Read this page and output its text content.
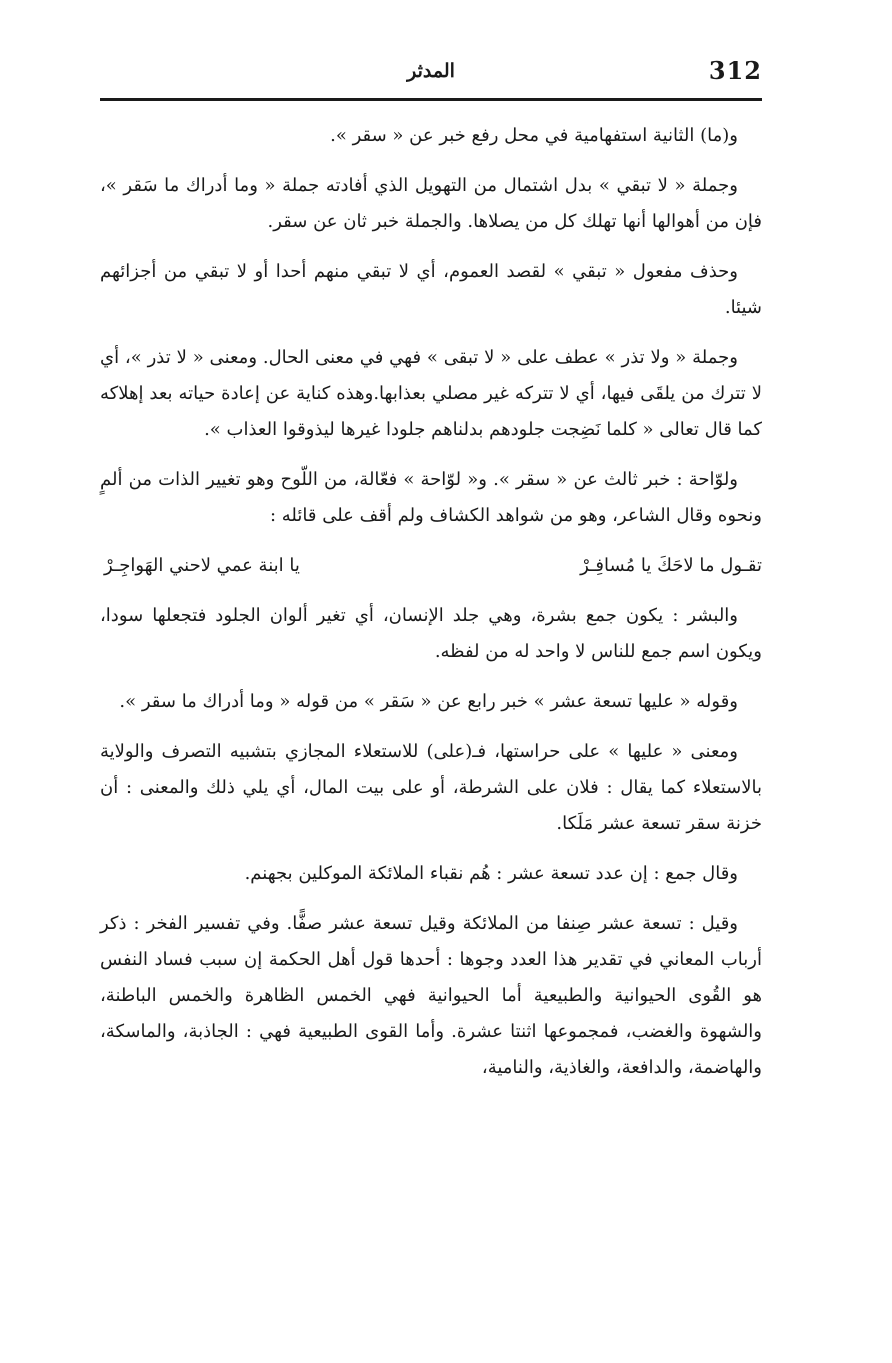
312
المدثر

و(ما) الثانية استفهامية في محل رفع خبر عن « سقر ».

وجملة « لا تبقي » بدل اشتمال من التهويل الذي أفادته جملة « وما أدراك ما سَقر »، فإن من أهوالها أنها تهلك كل من يصلاها. والجملة خبر ثان عن سقر.

وحذف مفعول « تبقي » لقصد العموم، أي لا تبقي منهم أحدا أو لا تبقي من أجزائهم شيئا.

وجملة « ولا تذر » عطف على « لا تبقى » فهي في معنى الحال. ومعنى « لا تذر »، أي لا تترك من يلقَى فيها، أي لا تتركه غير مصلي بعذابها.وهذه كناية عن إعادة حياته بعد إهلاكه كما قال تعالى « كلما نَضِجت جلودهم بدلناهم جلودا غيرها ليذوقوا العذاب ».

ولوّاحة : خبر ثالث عن « سقر ». و« لوّاحة » فعّالة، من اللّوح وهو تغيير الذات من ألمٍ ونحوه وقال الشاعر، وهو من شواهد الكشاف ولم أقف على قائله :

تقـول ما لاحَكَ يا مُسافِـرْ
يا ابنة عمي لاحني الهَواجِـرْ

والبشر : يكون جمع بشرة، وهي جلد الإنسان، أي تغير ألوان الجلود فتجعلها سودا، ويكون اسم جمع للناس لا واحد له من لفظه.

وقوله « عليها تسعة عشر » خبر رابع عن « سَقر » من قوله « وما أدراك ما سقر ».

ومعنى « عليها » على حراستها، فـ(على) للاستعلاء المجازي بتشبيه التصرف والولاية بالاستعلاء كما يقال : فلان على الشرطة، أو على بيت المال، أي يلي ذلك والمعنى : أن خزنة سقر تسعة عشر مَلَكا.

وقال جمع : إن عدد تسعة عشر : هُم نقباء الملائكة الموكلين بجهنم.

وقيل : تسعة عشر صِنفا من الملائكة وقيل تسعة عشر صفًّا. وفي تفسير الفخر : ذكر أرباب المعاني في تقدير هذا العدد وجوها : أحدها قول أهل الحكمة إن سبب فساد النفس هو القُوى الحيوانية والطبيعية أما الحيوانية فهي الخمس الظاهرة والخمس الباطنة، والشهوة والغضب، فمجموعها اثنتا عشرة. وأما القوى الطبيعية فهي : الجاذبة، والماسكة، والهاضمة، والدافعة، والغاذية، والنامية،
